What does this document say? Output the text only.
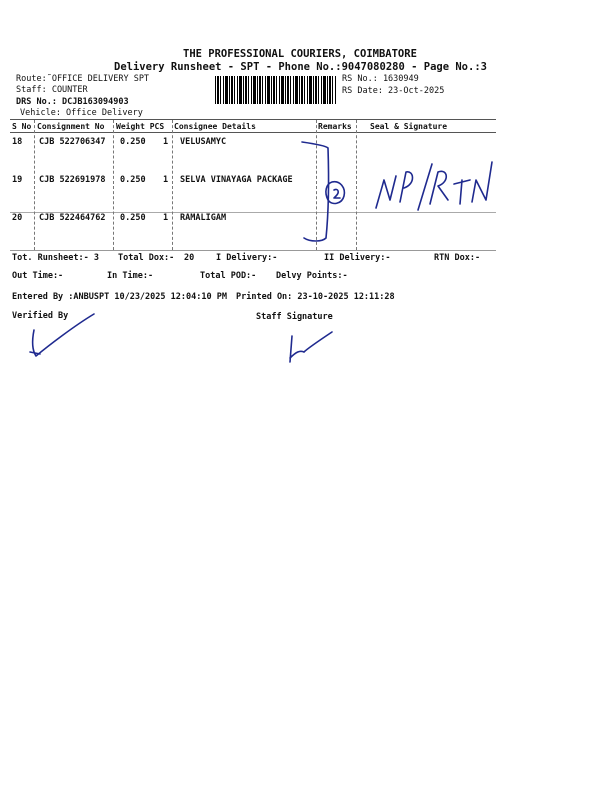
THE PROFESSIONAL COURIERS, COIMBATORE
Delivery Runsheet - SPT - Phone No.:9047080280 - Page No.:3
Route:˜OFFICE DELIVERY SPT
Staff: COUNTER
DRS No.: DCJB163094903
Vehicle: Office Delivery
RS No.: 1630949
RS Date: 23-Oct-2025
S No Consignment No Weight PCS Consignee Details	Remarks Seal & Signature
18 CJB 522706347 0.250 1 VELUSAMYC
19 CJB 522691978 0.250 1 SELVA VINAYAGA PACKAGE
20 CJB 522464762 0.250 1 RAMALIGAM
Tot. Runsheet:- 3 Total Dox:- 20	I Delivery:-	II Delivery:-	RTN Dox:-
Out Time:-	In Time:-	Total POD:- Delvy Points:-
Entered By :ANBUSPT 10/23/2025 12:04:10 PM Printed On: 23-10-2025 12:11:28
Verified By	Staff Signature
